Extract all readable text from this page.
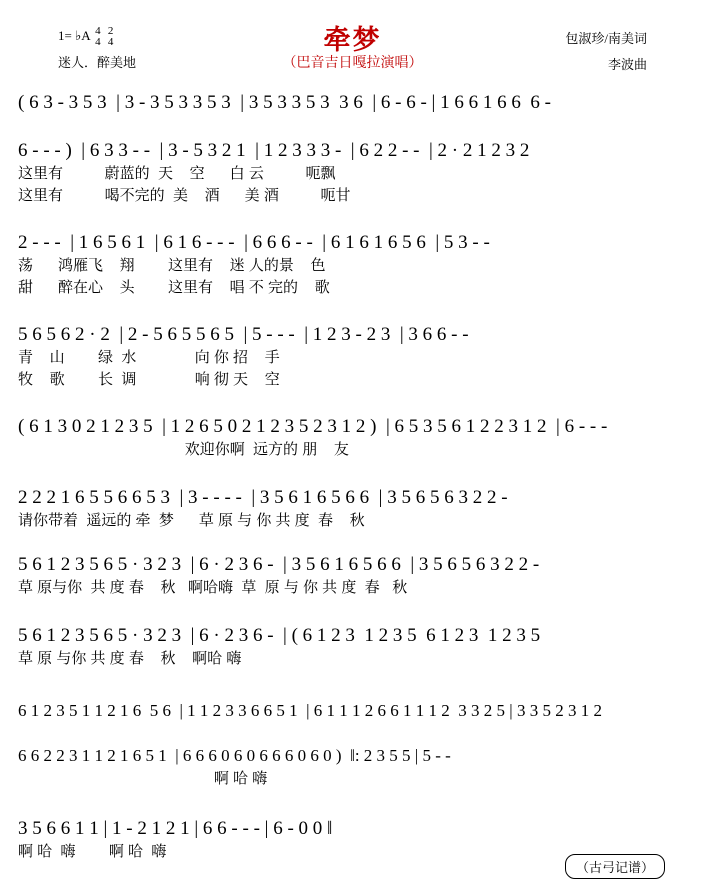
1= ♭A 4
4

2
4
迷人．醉美地
牵梦
（巴音吉日嘎拉演唱）
包淑珍/南美词
李波曲
( 6 3 - 3 5 3  | 3 - 3 5 3 3 5 3  | 3 5 3 3 5 3  3 6  | 6 - 6 - | 1 6 6 1 6 6  6 -
6 - - - )  | 6 3 3 - -  | 3 - 5 3 2 1  | 1 2 3 3 3 -  | 6 2 2 - -  | 2 · 2 1 2 3 2
这里有          蔚蓝的  天    空      白 云          呃飘
这里有          喝不完的  美    酒      美 酒          呃甘
2 - - -  | 1 6 5 6 1  | 6 1 6 - - -  | 6 6 6 - -  | 6 1 6 1 6 5 6  | 5 3 - -
荡      鸿雁飞    翔        这里有    迷 人的景    色
甜      醉在心    头        这里有    唱 不 完的    歌
5 6 5 6 2 · 2  | 2 - 5 6 5 5 6 5  | 5 - - -  | 1 2 3 - 2 3  | 3 6 6 - -
青    山        绿  水              向 你 招    手
牧    歌        长  调              响 彻 天    空
( 6 1 3 0 2 1 2 3 5  | 1 2 6 5 0 2 1 2 3 5 2 3 1 2 )  | 6 5 3 5 6 1 2 2 3 1 2  | 6 - - -
欢迎你啊  远方的 朋    友
2 2 2 1 6 5 5 6 6 5 3  | 3 - - - -  | 3 5 6 1 6 5 6 6  | 3 5 6 5 6 3 2 2 -
请你带着  遥远的 牵  梦      草 原 与 你 共 度  春    秋
5 6 1 2 3 5 6 5 · 3 2 3  | 6 · 2 3 6 -  | 3 5 6 1 6 5 6 6  | 3 5 6 5 6 3 2 2 -
草 原与你  共 度 春    秋   啊哈嗨  草  原 与 你 共 度  春   秋
5 6 1 2 3 5 6 5 · 3 2 3  | 6 · 2 3 6 -  | ( 6 1 2 3  1 2 3 5  6 1 2 3  1 2 3 5
草 原 与你 共 度 春    秋    啊哈 嗨
6 1 2 3 5 1 1 2 1 6  5 6  | 1 1 2 3 3 6 6 5 1  | 6 1 1 1 2 6 6 1 1 1 2  3 3 2 5 | 3 3 5 2 3 1 2
6 6 2 2 3 1 1 2 1 6 5 1  | 6 6 6 0 6 0 6 6 6 0 6 0 )  ‖: 2 3 5 5 | 5 - -
啊 哈 嗨
3 5 6 6 1 1 | 1 - 2 1 2 1 | 6 6 - - - | 6 - 0 0 ‖
啊 哈  嗨        啊 哈  嗨
（古弓记谱）
